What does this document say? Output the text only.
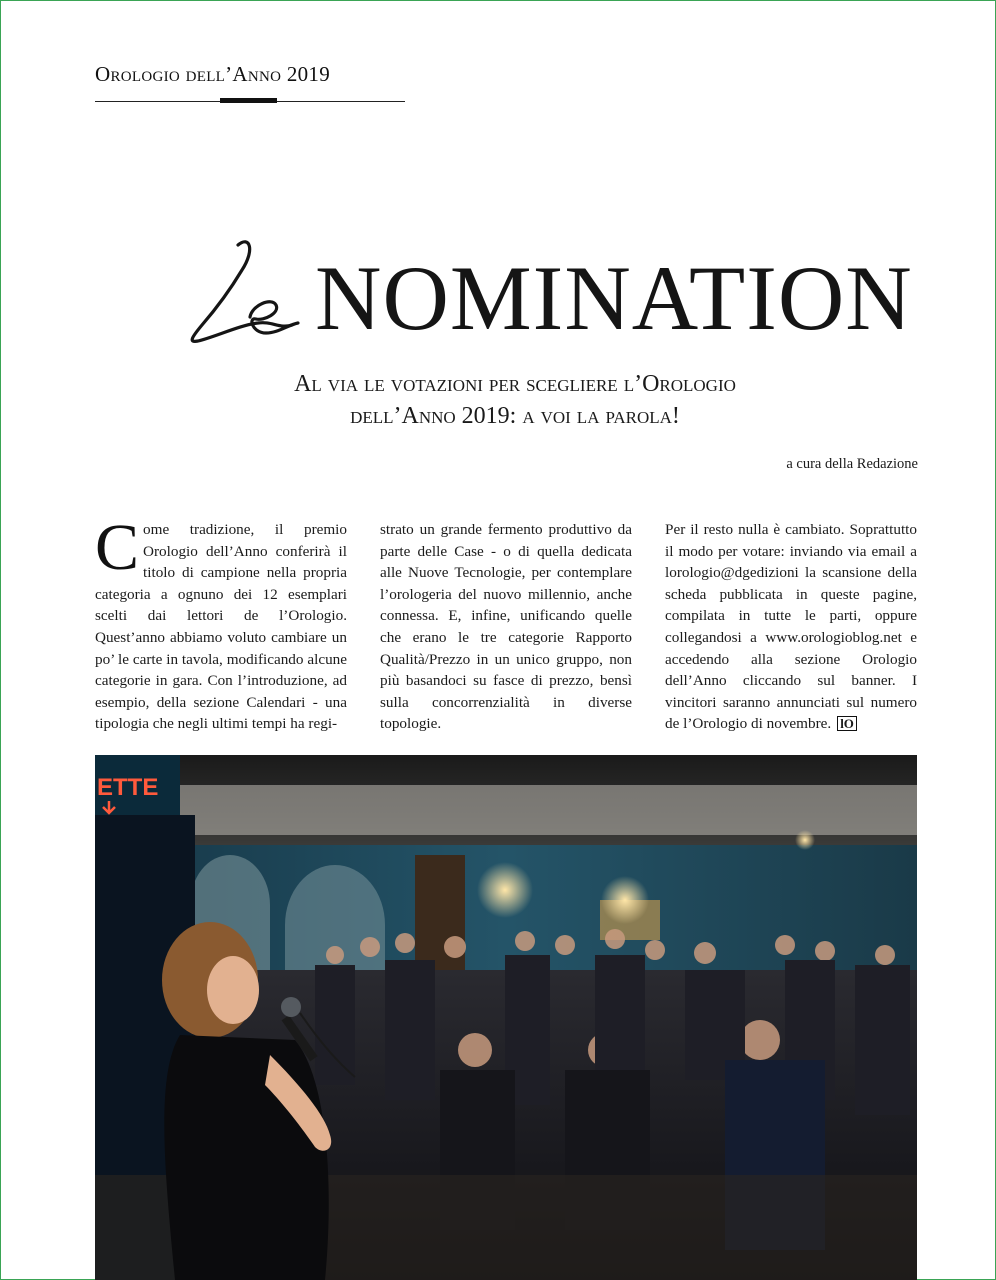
Orologio dell’Anno 2019
NOMINATION
Al via le votazioni per scegliere l’Orologio
dell’Anno 2019: a voi la parola!
a cura della Redazione
Come tradizione, il premio Orologio dell’Anno conferirà il titolo di campione nella propria categoria a ognuno dei 12 esemplari scelti dai lettori de l’Orologio. Quest’anno abbiamo voluto cambiare un po’ le carte in tavola, modificando alcune categorie in gara. Con l’introduzione, ad esempio, della sezione Calendari - una tipologia che negli ultimi tempi ha regi-
strato un grande fermento produttivo da parte delle Case - o di quella dedicata alle Nuove Tecnologie, per contemplare l’orologeria del nuovo millennio, anche connessa. E, infine, unificando quelle che erano le tre categorie Rapporto Qualità/Prezzo in un unico gruppo, non più basandoci su fasce di prezzo, bensì sulla concorrenzialità in diverse topologie.
Per il resto nulla è cambiato. Soprattutto il modo per votare: inviando via email a lorologio@dgedizioni la scansione della scheda pubblicata in queste pagine, compilata in tutte le parti, oppure collegandosi a www.orologioblog.net e accedendo alla sezione Orologio dell’Anno cliccando sul banner. I vincitori saranno annunciati sul numero de l’Orologio di novembre. lO
ETTE
